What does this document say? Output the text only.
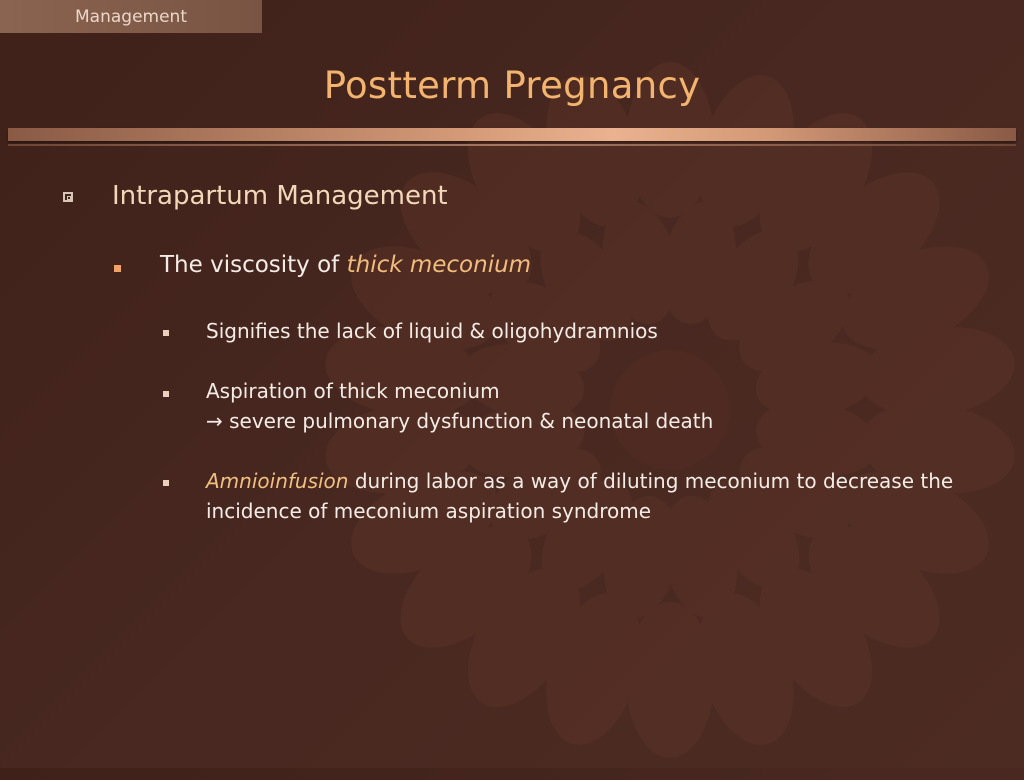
Management
Postterm Pregnancy
Intrapartum Management
The viscosity of thick meconium
Signifies the lack of liquid & oligohydramnios
Aspiration of thick meconium
→ severe pulmonary dysfunction & neonatal death
Amnioinfusion during labor as a way of diluting meconium to decrease the incidence of meconium aspiration syndrome
